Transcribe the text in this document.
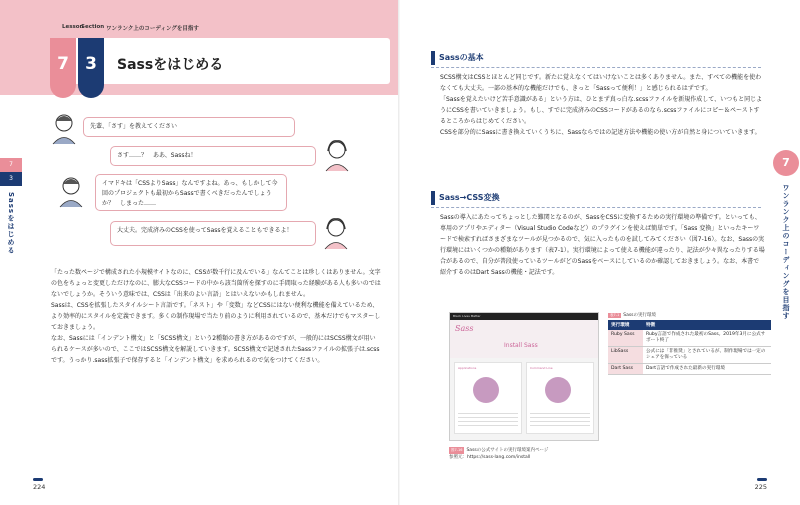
Lesson
Section ワンランク上のコーディングを目指す
7 3	Sassをはじめる
7
3
Sassをはじめる
先輩、「さす」を教えてください
さす……？　ああ、Sassね！
イマドキは「CSSよりSass」なんですよね。あっ、もしかして今回のプロジェクトも最初からSassで書くべきだったんでしょうか？　しまった……
大丈夫。完成済みのCSSを使ってSassを覚えることもできるよ！

「たった数ページで構成された小規模サイトなのに、CSSが数千行に及んでいる」なんてことは珍しくはありません。文字の色をちょっと変更しただけなのに、膨大なCSSコードの中から該当箇所を探すのに手間取った経験がある人も多いのではないでしょうか。そういう意味では、CSSは「出来のよい言語」とはいえないかもしれません。

Sassは、CSSを拡張したスタイルシート言語です。「ネスト」や「変数」などCSSにはない便利な機能を備えているため、より効率的にスタイルを定義できます。多くの制作現場で当たり前のように利用されているので、基本だけでもマスターしておきましょう。

なお、Sassには「インデント構文」と「SCSS構文」という2種類の書き方があるのですが、一般的にはSCSS構文が用いられるケースが多いので、ここではSCSS構文を解説していきます。SCSS構文で記述されたSassファイルの拡張子は.scssです。うっかり.sass拡張子で保存すると「インデント構文」を求められるので気をつけてください。

224
Sassの基本

SCSS構文はCSSとほとんど同じです。新たに覚えなくてはいけないことは多くありません。また、すべての機能を使わなくても大丈夫。一部の基本的な機能だけでも、きっと「Sassって便利！」と感じられるはずです。

「Sassを覚えたいけど苦手意識がある」という方は、ひとまず真っ白な.scssファイルを新規作成して、いつもと同じようにCSSを書いていきましょう。もし、すでに完成済みのCSSコードがあるのなら.scssファイルにコピー＆ペーストするところからはじめてください。

CSSを部分的にSassに書き換えていくうちに、Sassならではの記述方法や機能の使い方が自然と身についていきます。

Sass→CSS変換

Sassの導入にあたってちょっとした難関となるのが、SassをCSSに変換するための実行環境の準備です。といっても、専用のアプリやエディター（Visual Studio Codeなど）のプラグインを使えば簡単です。「Sass 変換」といったキーワードで検索すればさまざまなツールが見つかるので、気に入ったものを試してみてください（図7-16）。なお、Sassの実行環境にはいくつかの種類があります（表7-1）。実行環境によって使える機能が違ったり、記法が少々異なったりする場合があるので、自分が普段使っているツールがどのSassをベースにしているのか確認しておきましょう。なお、本書で紹介するのはDart Sassの機能・記法です。

7
ワンランク上のコーディングを目指す
Black Lives Matter
Sass
Install Sass
Applications	Command Line
図7-16 Sassの公式サイトの実行環境案内ページ
参照元：https://sass-lang.com/install
表7-1 Sassの実行環境
実行環境	特徴
Ruby Sass	Ruby言語で作成された最初のSass。2019年3月に公式サポート終了
LibSass	公式には「非推奨」とされているが、制作現場では一定のシェアを保っている
Dart Sass	Dart言語で作成された最新の実行環境
225
